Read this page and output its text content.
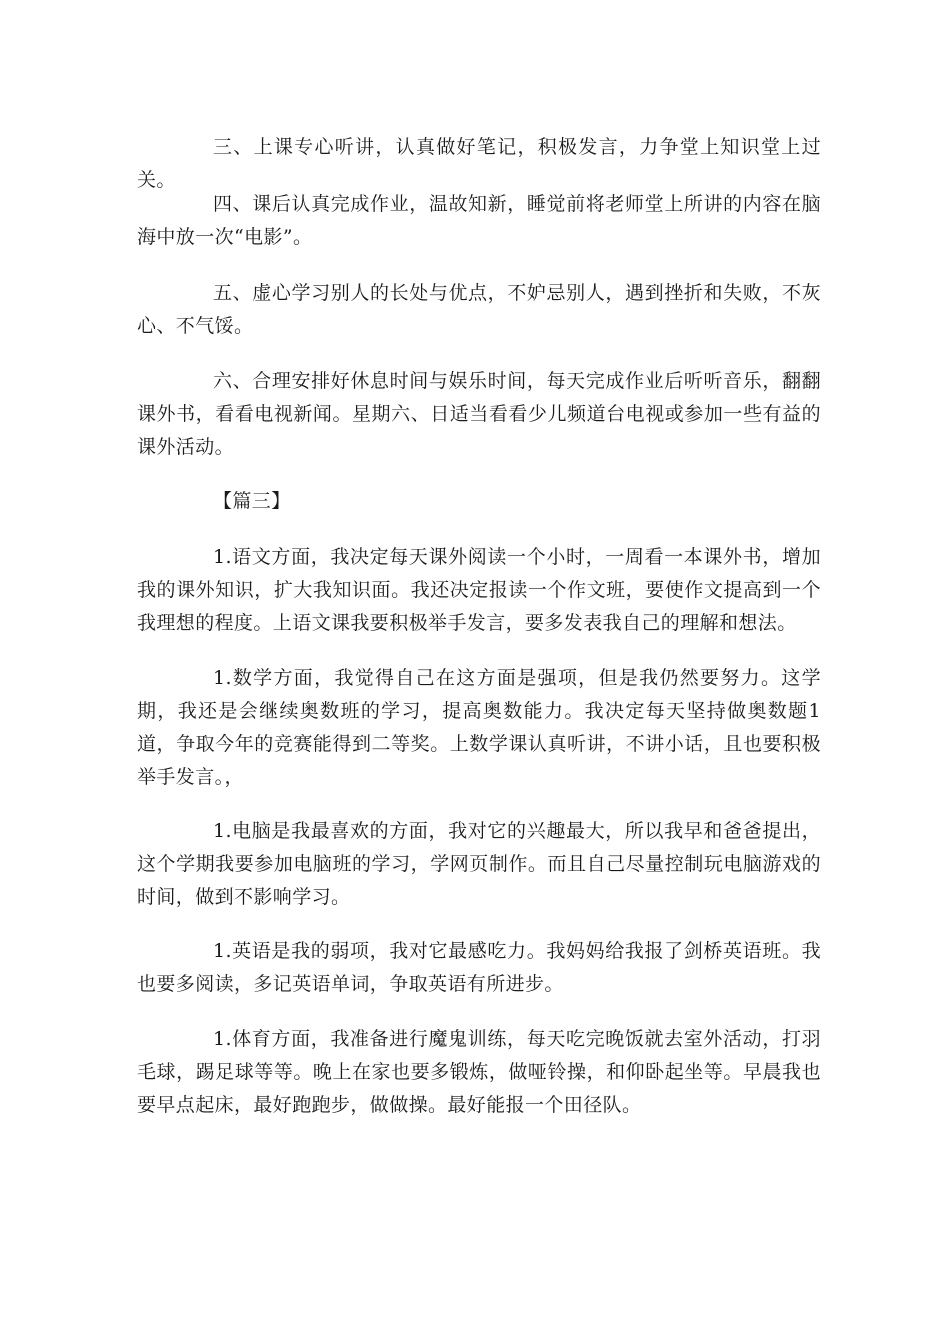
三、上课专心听讲，认真做好笔记，积极发言，力争堂上知识堂上过关。

四、课后认真完成作业，温故知新，睡觉前将老师堂上所讲的内容在脑海中放一次“电影”。

五、虚心学习别人的长处与优点，不妒忌别人，遇到挫折和失败，不灰心、不气馁。

六、合理安排好休息时间与娱乐时间，每天完成作业后听听音乐，翻翻课外书，看看电视新闻。星期六、日适当看看少儿频道台电视或参加一些有益的课外活动。

【篇三】

1.语文方面，我决定每天课外阅读一个小时，一周看一本课外书，增加我的课外知识，扩大我知识面。我还决定报读一个作文班，要使作文提高到一个我理想的程度。上语文课我要积极举手发言，要多发表我自己的理解和想法。

1.数学方面，我觉得自己在这方面是强项，但是我仍然要努力。这学期，我还是会继续奥数班的学习，提高奥数能力。我决定每天坚持做奥数题1道，争取今年的竞赛能得到二等奖。上数学课认真听讲，不讲小话，且也要积极举手发言。，

1.电脑是我最喜欢的方面，我对它的兴趣最大，所以我早和爸爸提出，这个学期我要参加电脑班的学习，学网页制作。而且自己尽量控制玩电脑游戏的时间，做到不影响学习。

1.英语是我的弱项，我对它最感吃力。我妈妈给我报了剑桥英语班。我也要多阅读，多记英语单词，争取英语有所进步。

1.体育方面，我准备进行魔鬼训练，每天吃完晚饭就去室外活动，打羽毛球，踢足球等等。晚上在家也要多锻炼，做哑铃操，和仰卧起坐等。早晨我也要早点起床，最好跑跑步，做做操。最好能报一个田径队。
